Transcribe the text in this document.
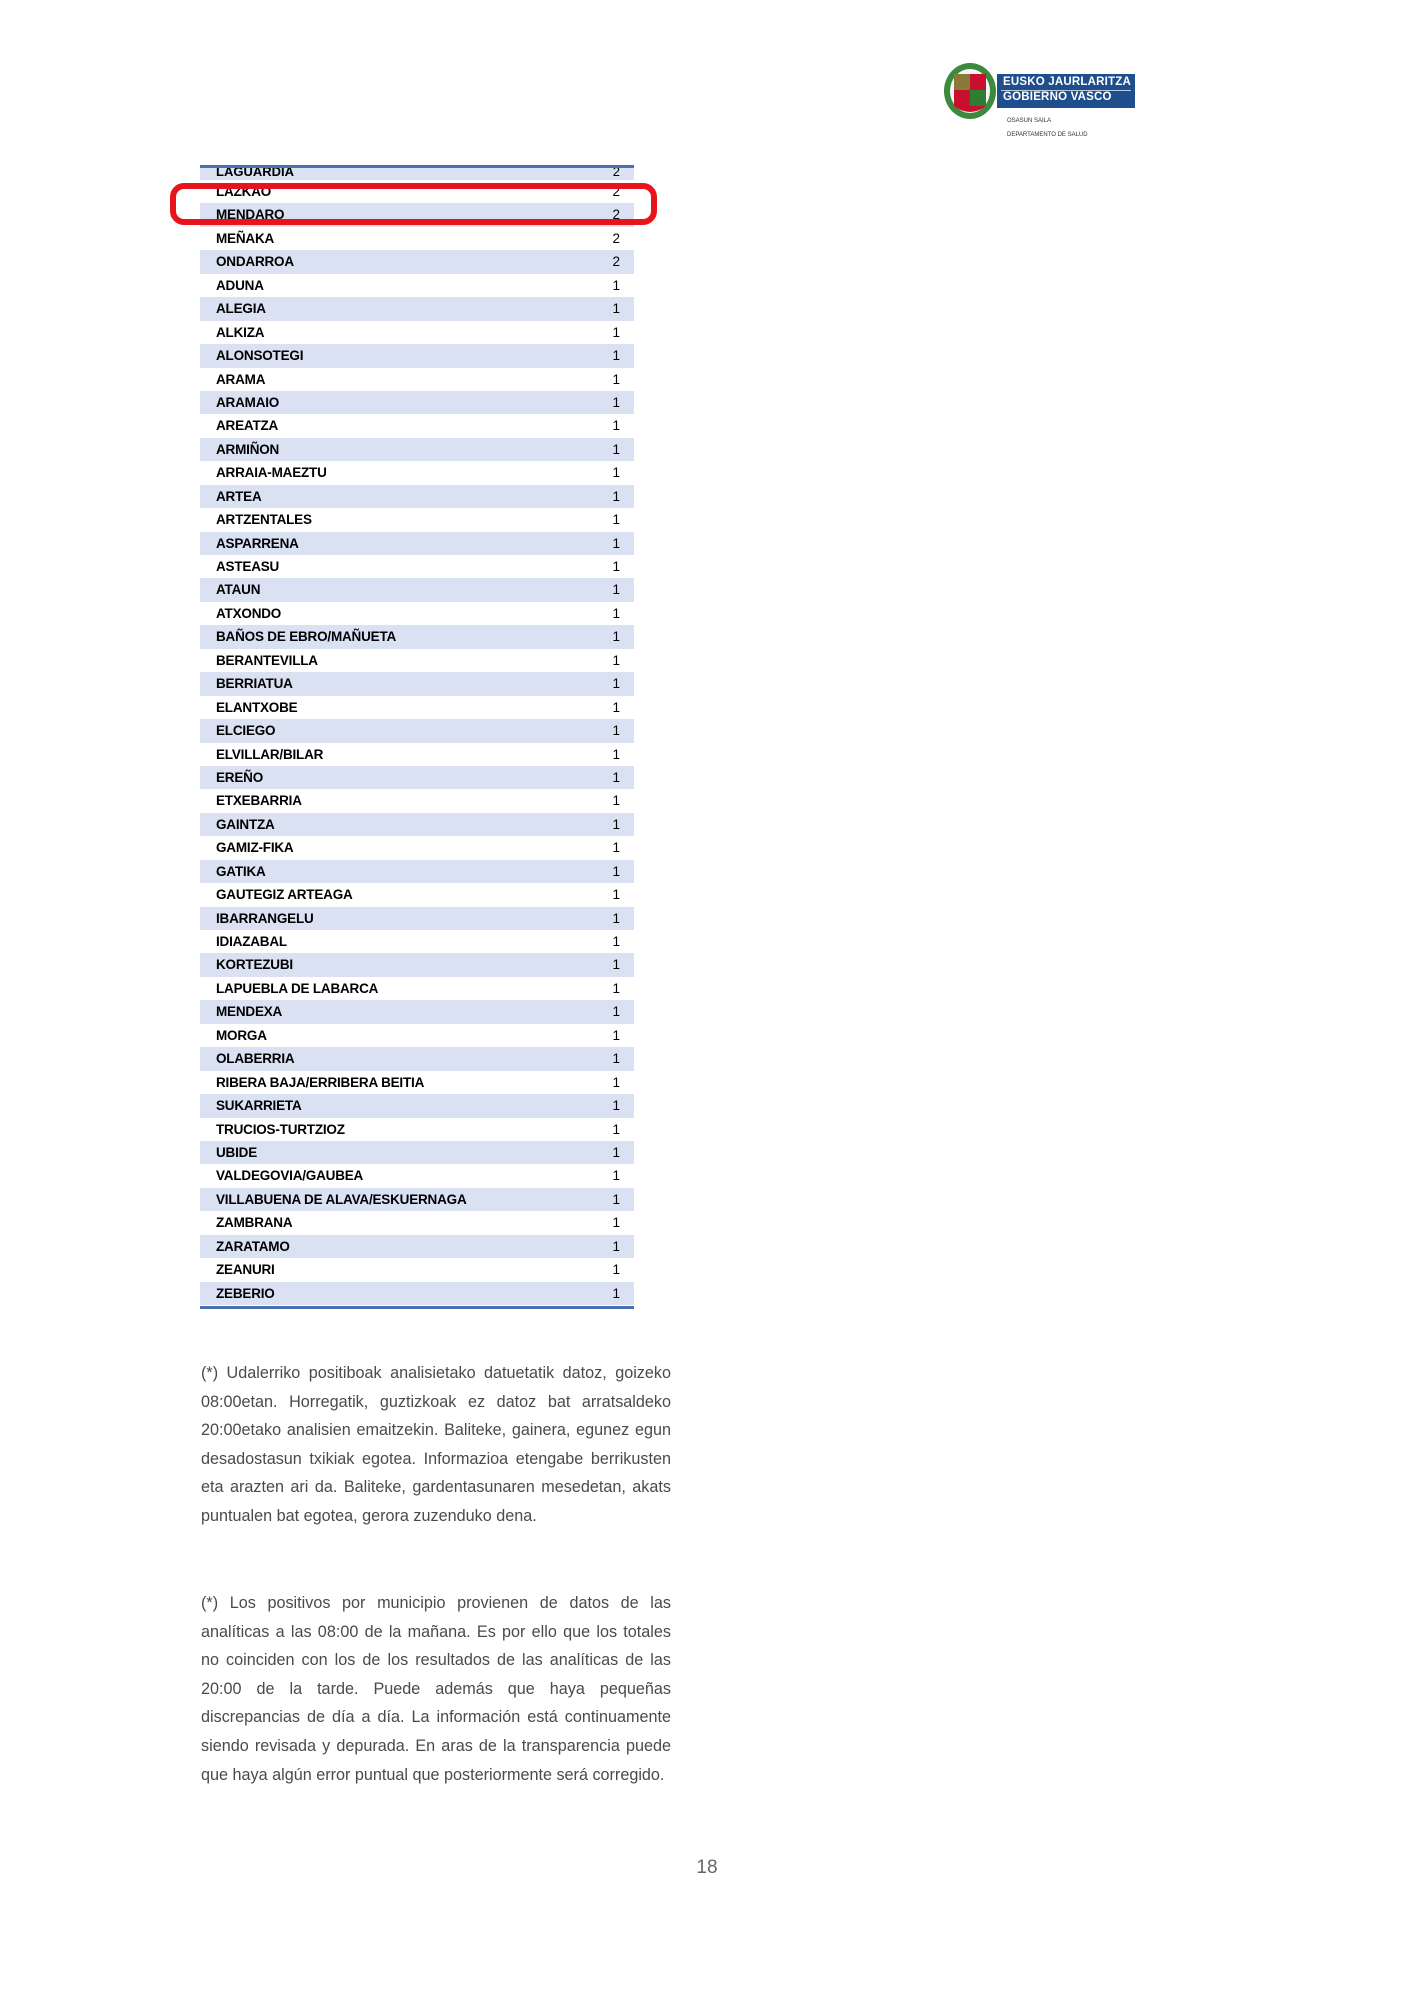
EUSKO JAURLARITZA
GOBIERNO VASCO
OSASUN SAILA
DEPARTAMENTO DE SALUD
LAGUARDIA	2
LAZKAO	2
MENDARO	2
MEÑAKA	2
ONDARROA	2
ADUNA	1
ALEGIA	1
ALKIZA	1
ALONSOTEGI	1
ARAMA	1
ARAMAIO	1
AREATZA	1
ARMIÑON	1
ARRAIA-MAEZTU	1
ARTEA	1
ARTZENTALES	1
ASPARRENA	1
ASTEASU	1
ATAUN	1
ATXONDO	1
BAÑOS DE EBRO/MAÑUETA	1
BERANTEVILLA	1
BERRIATUA	1
ELANTXOBE	1
ELCIEGO	1
ELVILLAR/BILAR	1
EREÑO	1
ETXEBARRIA	1
GAINTZA	1
GAMIZ-FIKA	1
GATIKA	1
GAUTEGIZ ARTEAGA	1
IBARRANGELU	1
IDIAZABAL	1
KORTEZUBI	1
LAPUEBLA DE LABARCA	1
MENDEXA	1
MORGA	1
OLABERRIA	1
RIBERA BAJA/ERRIBERA BEITIA	1
SUKARRIETA	1
TRUCIOS-TURTZIOZ	1
UBIDE	1
VALDEGOVIA/GAUBEA	1
VILLABUENA DE ALAVA/ESKUERNAGA	1
ZAMBRANA	1
ZARATAMO	1
ZEANURI	1
ZEBERIO	1
(*) Udalerriko positiboak analisietako datuetatik datoz, goizeko 08:00etan. Horregatik, guztizkoak ez datoz bat arratsaldeko 20:00etako analisien emaitzekin. Baliteke, gainera, egunez egun desadostasun txikiak egotea. Informazioa etengabe berrikusten eta arazten ari da. Baliteke, gardentasunaren mesedetan, akats puntualen bat egotea, gerora zuzenduko dena.
(*) Los positivos por municipio provienen de datos de las analíticas a las 08:00 de la mañana. Es por ello que los totales no coinciden con los de los resultados de las analíticas de las 20:00 de la tarde. Puede además que haya pequeñas discrepancias de día a día. La información está continuamente siendo revisada y depurada. En aras de la transparencia puede que haya algún error puntual que posteriormente será corregido.
18
